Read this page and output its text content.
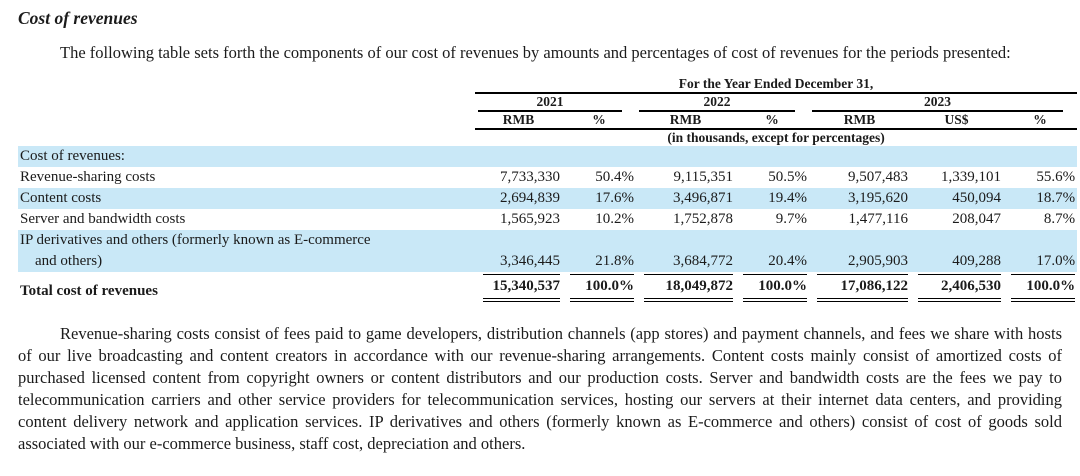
Cost of revenues

The following table sets forth the components of our cost of revenues by amounts and percentages of cost of revenues for the periods presented:

	For the Year Ended December 31,						

	2021		2022		2023		

	RMB	%	RMB	%	RMB	US$	%
	(in thousands, except for percentages)						
Cost of revenues:							
Revenue-sharing costs	7,733,330	50.4%	9,115,351	50.5%	9,507,483	1,339,101	55.6%
Content costs	2,694,839	17.6%	3,496,871	19.4%	3,195,620	450,094	18.7%
Server and bandwidth costs	1,565,923	10.2%	1,752,878	9.7%	1,477,116	208,047	8.7%
IP derivatives and others (formerly known as E-commerce
and others)	3,346,445	21.8%	3,684,772	20.4%	2,905,903	409,288	17.0%
Total cost of revenues	15,340,537	100.0%	18,049,872	100.0%	17,086,122	2,406,530	100.0%

Revenue-sharing costs consist of fees paid to game developers, distribution channels (app stores) and payment channels, and fees we share with hosts of our live broadcasting and content creators in accordance with our revenue-sharing arrangements. Content costs mainly consist of amortized costs of purchased licensed content from copyright owners or content distributors and our production costs. Server and bandwidth costs are the fees we pay to telecommunication carriers and other service providers for telecommunication services, hosting our servers at their internet data centers, and providing content delivery network and application services. IP derivatives and others (formerly known as E-commerce and others) consist of cost of goods sold associated with our e-commerce business, staff cost, depreciation and others.
